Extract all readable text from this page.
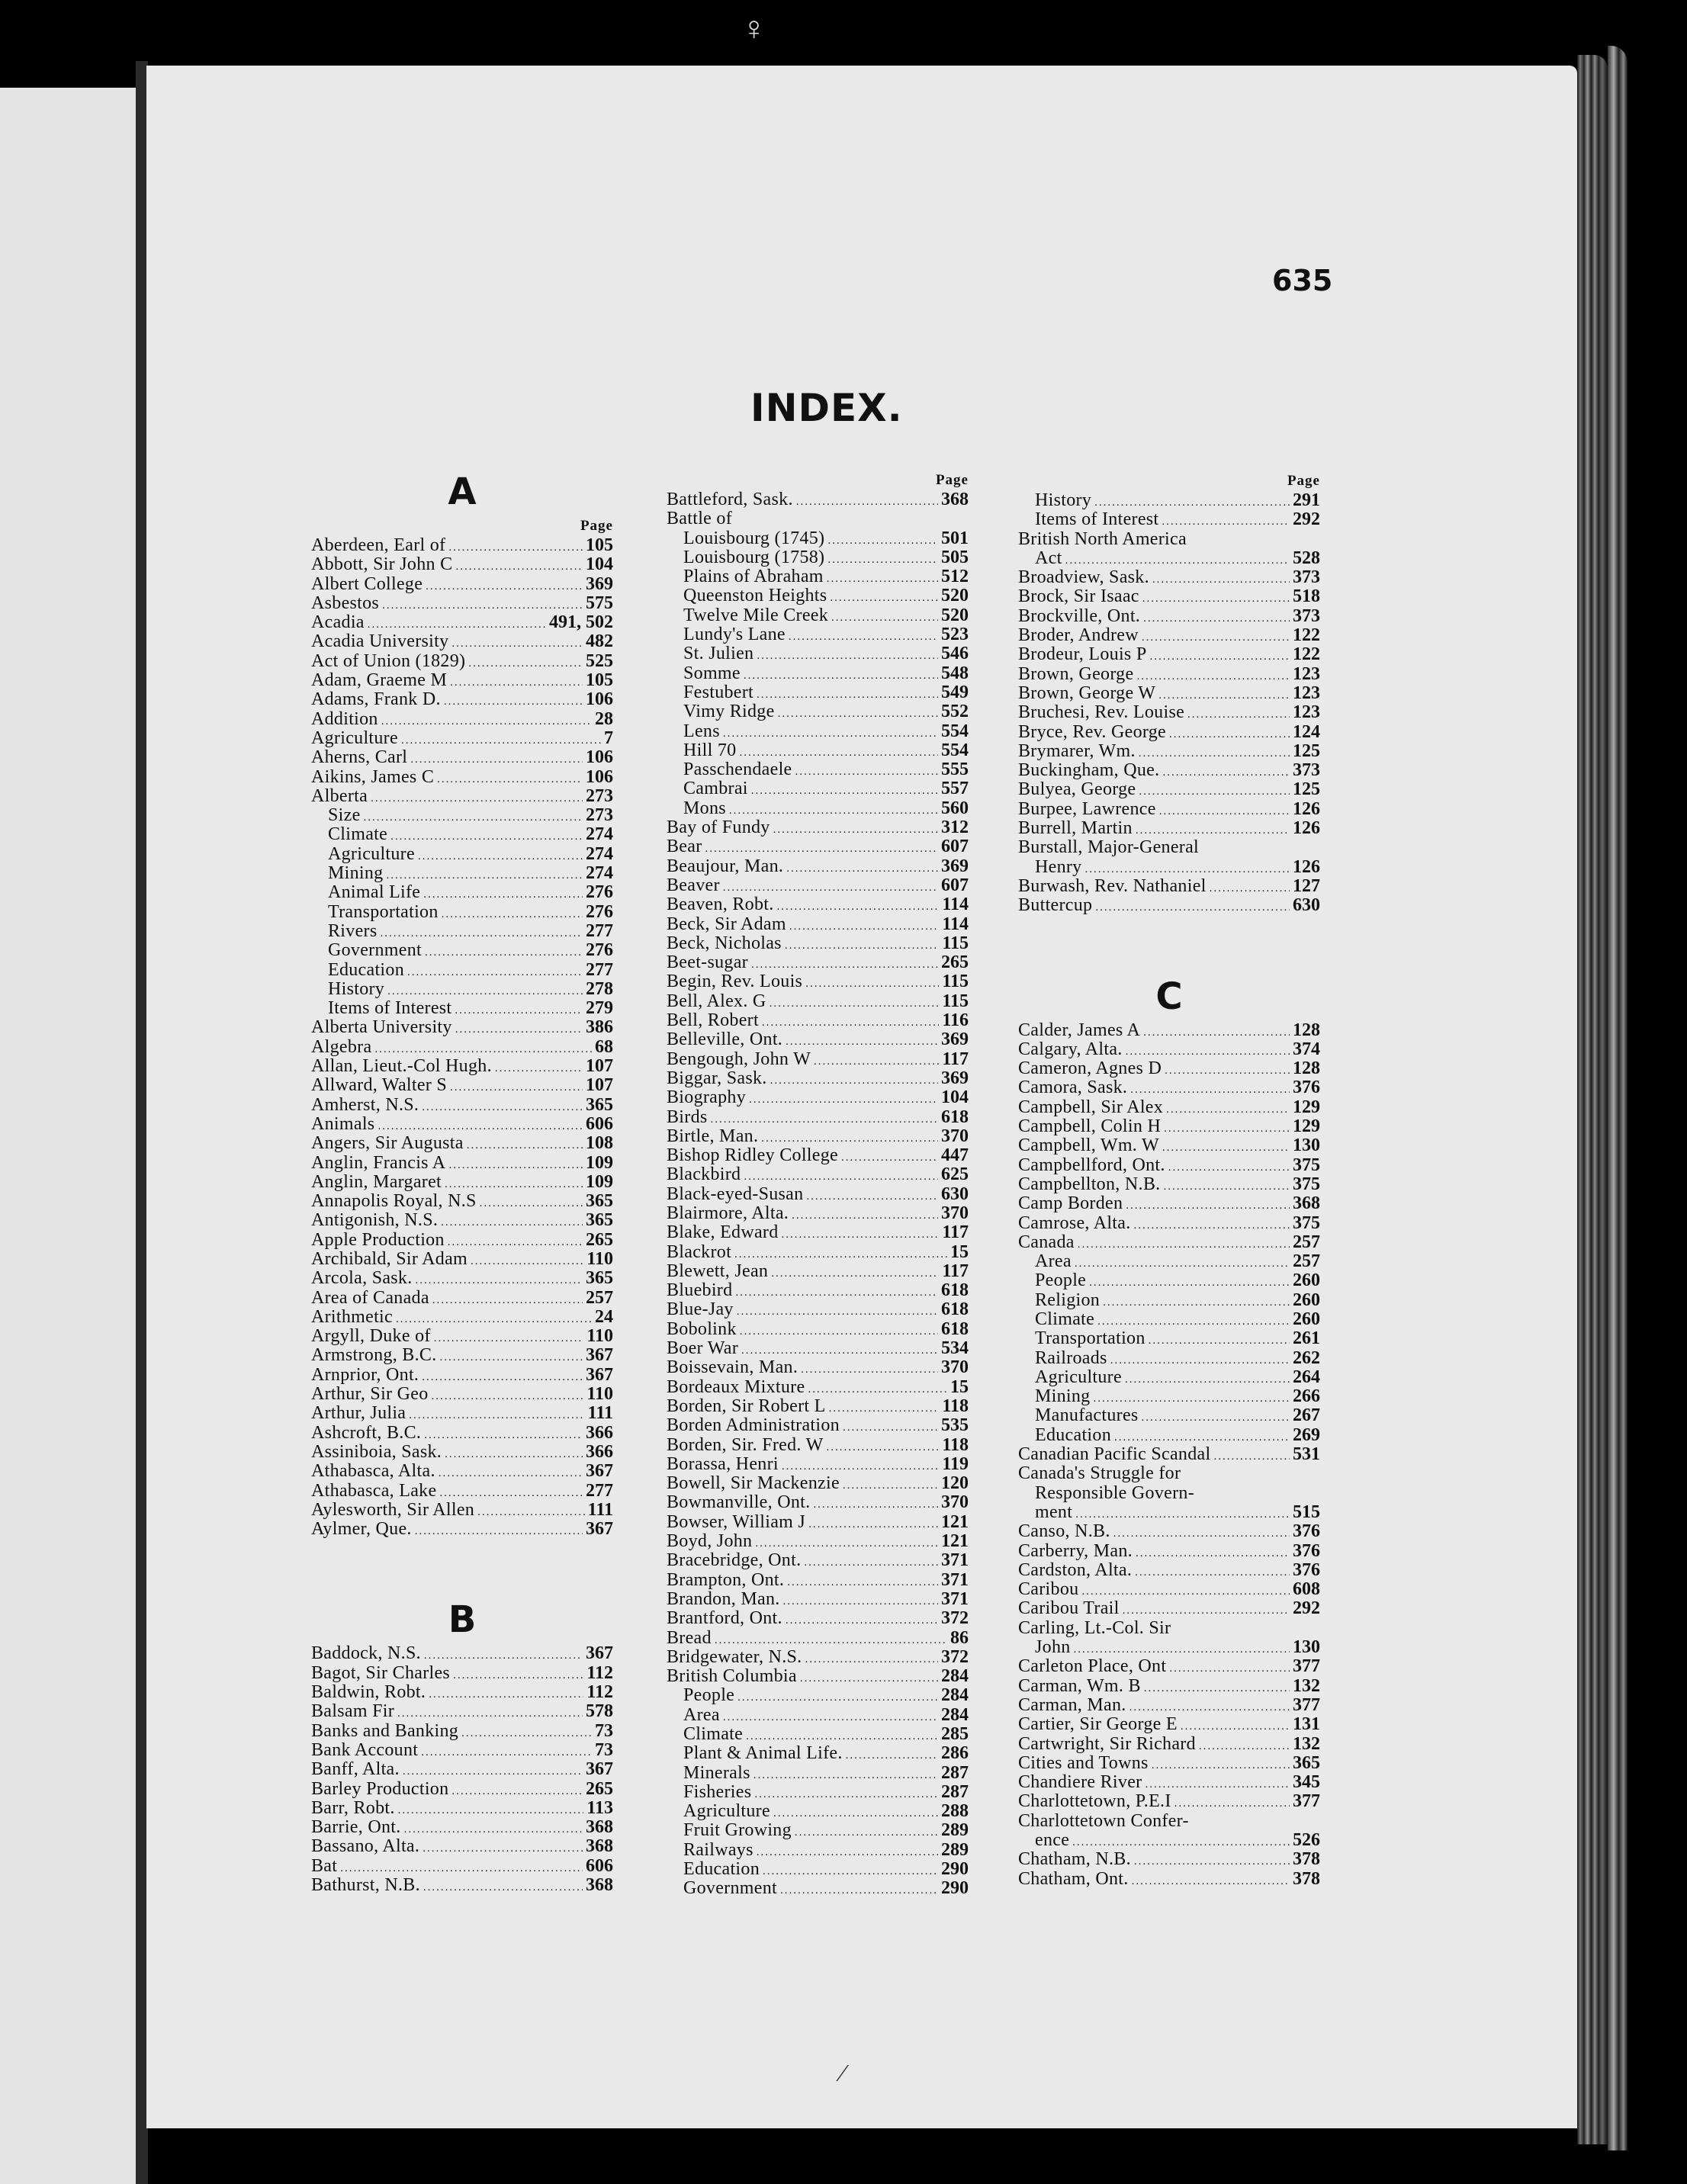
♀
⁄
635
INDEX.
A
Page
Aberdeen, Earl of .....	105
Abbott, Sir John C .....	104
Albert College .....	369
Asbestos .....	575
Acadia .....	491, 502
Acadia University .....	482
Act of Union (1829) .....	525
Adam, Graeme M .....	105
Adams, Frank D. .....	106
Addition .....	28
Agriculture .....	7
Aherns, Carl .....	106
Aikins, James C .....	106
Alberta .....	273
Size .....	273
Climate .....	274
Agriculture .....	274
Mining .....	274
Animal Life .....	276
Transportation .....	276
Rivers .....	277
Government .....	276
Education .....	277
History .....	278
Items of Interest .....	279
Alberta University .....	386
Algebra .....	68
Allan, Lieut.-Col Hugh. .....	107
Allward, Walter S .....	107
Amherst, N.S. .....	365
Animals .....	606
Angers, Sir Augusta .....	108
Anglin, Francis A .....	109
Anglin, Margaret .....	109
Annapolis Royal, N.S .....	365
Antigonish, N.S. .....	365
Apple Production .....	265
Archibald, Sir Adam .....	110
Arcola, Sask. .....	365
Area of Canada .....	257
Arithmetic .....	24
Argyll, Duke of .....	110
Armstrong, B.C. .....	367
Arnprior, Ont. .....	367
Arthur, Sir Geo .....	110
Arthur, Julia .....	111
Ashcroft, B.C. .....	366
Assiniboia, Sask. .....	366
Athabasca, Alta. .....	367
Athabasca, Lake .....	277
Aylesworth, Sir Allen .....	111
Aylmer, Que. .....	367
B
Baddock, N.S. .....	367
Bagot, Sir Charles .....	112
Baldwin, Robt. .....	112
Balsam Fir .....	578
Banks and Banking .....	73
Bank Account .....	73
Banff, Alta. .....	367
Barley Production .....	265
Barr, Robt. .....	113
Barrie, Ont. .....	368
Bassano, Alta. .....	368
Bat .....	606
Bathurst, N.B. .....	368
Page
Battleford, Sask. .....	368
Battle of
Louisbourg (1745) .....	501
Louisbourg (1758) .....	505
Plains of Abraham .....	512
Queenston Heights .....	520
Twelve Mile Creek .....	520
Lundy's Lane .....	523
St. Julien .....	546
Somme .....	548
Festubert .....	549
Vimy Ridge .....	552
Lens .....	554
Hill 70 .....	554
Passchendaele .....	555
Cambrai .....	557
Mons .....	560
Bay of Fundy .....	312
Bear .....	607
Beaujour, Man. .....	369
Beaver .....	607
Beaven, Robt. .....	114
Beck, Sir Adam .....	114
Beck, Nicholas .....	115
Beet-sugar .....	265
Begin, Rev. Louis .....	115
Bell, Alex. G .....	115
Bell, Robert .....	116
Belleville, Ont. .....	369
Bengough, John W .....	117
Biggar, Sask. .....	369
Biography .....	104
Birds .....	618
Birtle, Man. .....	370
Bishop Ridley College .....	447
Blackbird .....	625
Black-eyed-Susan .....	630
Blairmore, Alta. .....	370
Blake, Edward .....	117
Blackrot .....	15
Blewett, Jean .....	117
Bluebird .....	618
Blue-Jay .....	618
Bobolink .....	618
Boer War .....	534
Boissevain, Man. .....	370
Bordeaux Mixture .....	15
Borden, Sir Robert L .....	118
Borden Administration .....	535
Borden, Sir. Fred. W .....	118
Borassa, Henri .....	119
Bowell, Sir Mackenzie .....	120
Bowmanville, Ont. .....	370
Bowser, William J .....	121
Boyd, John .....	121
Bracebridge, Ont. .....	371
Brampton, Ont. .....	371
Brandon, Man. .....	371
Brantford, Ont. .....	372
Bread .....	86
Bridgewater, N.S. .....	372
British Columbia .....	284
People .....	284
Area .....	284
Climate .....	285
Plant & Animal Life. .....	286
Minerals .....	287
Fisheries .....	287
Agriculture .....	288
Fruit Growing .....	289
Railways .....	289
Education .....	290
Government .....	290
Page
History .....	291
Items of Interest .....	292
British North America
Act .....	528
Broadview, Sask. .....	373
Brock, Sir Isaac .....	518
Brockville, Ont. .....	373
Broder, Andrew .....	122
Brodeur, Louis P .....	122
Brown, George .....	123
Brown, George W .....	123
Bruchesi, Rev. Louise .....	123
Bryce, Rev. George .....	124
Brymarer, Wm. .....	125
Buckingham, Que. .....	373
Bulyea, George .....	125
Burpee, Lawrence .....	126
Burrell, Martin .....	126
Burstall, Major-General
Henry .....	126
Burwash, Rev. Nathaniel .....	127
Buttercup .....	630
C
Calder, James A .....	128
Calgary, Alta. .....	374
Cameron, Agnes D .....	128
Camora, Sask. .....	376
Campbell, Sir Alex .....	129
Campbell, Colin H .....	129
Campbell, Wm. W .....	130
Campbellford, Ont. .....	375
Campbellton, N.B. .....	375
Camp Borden .....	368
Camrose, Alta. .....	375
Canada .....	257
Area .....	257
People .....	260
Religion .....	260
Climate .....	260
Transportation .....	261
Railroads .....	262
Agriculture .....	264
Mining .....	266
Manufactures .....	267
Education .....	269
Canadian Pacific Scandal .....	531
Canada's Struggle for
Responsible Govern-
ment .....	515
Canso, N.B. .....	376
Carberry, Man. .....	376
Cardston, Alta. .....	376
Caribou .....	608
Caribou Trail .....	292
Carling, Lt.-Col. Sir
John .....	130
Carleton Place, Ont .....	377
Carman, Wm. B .....	132
Carman, Man. .....	377
Cartier, Sir George E .....	131
Cartwright, Sir Richard .....	132
Cities and Towns .....	365
Chandiere River .....	345
Charlottetown, P.E.I .....	377
Charlottetown Confer-
ence .....	526
Chatham, N.B. .....	378
Chatham, Ont. .....	378
